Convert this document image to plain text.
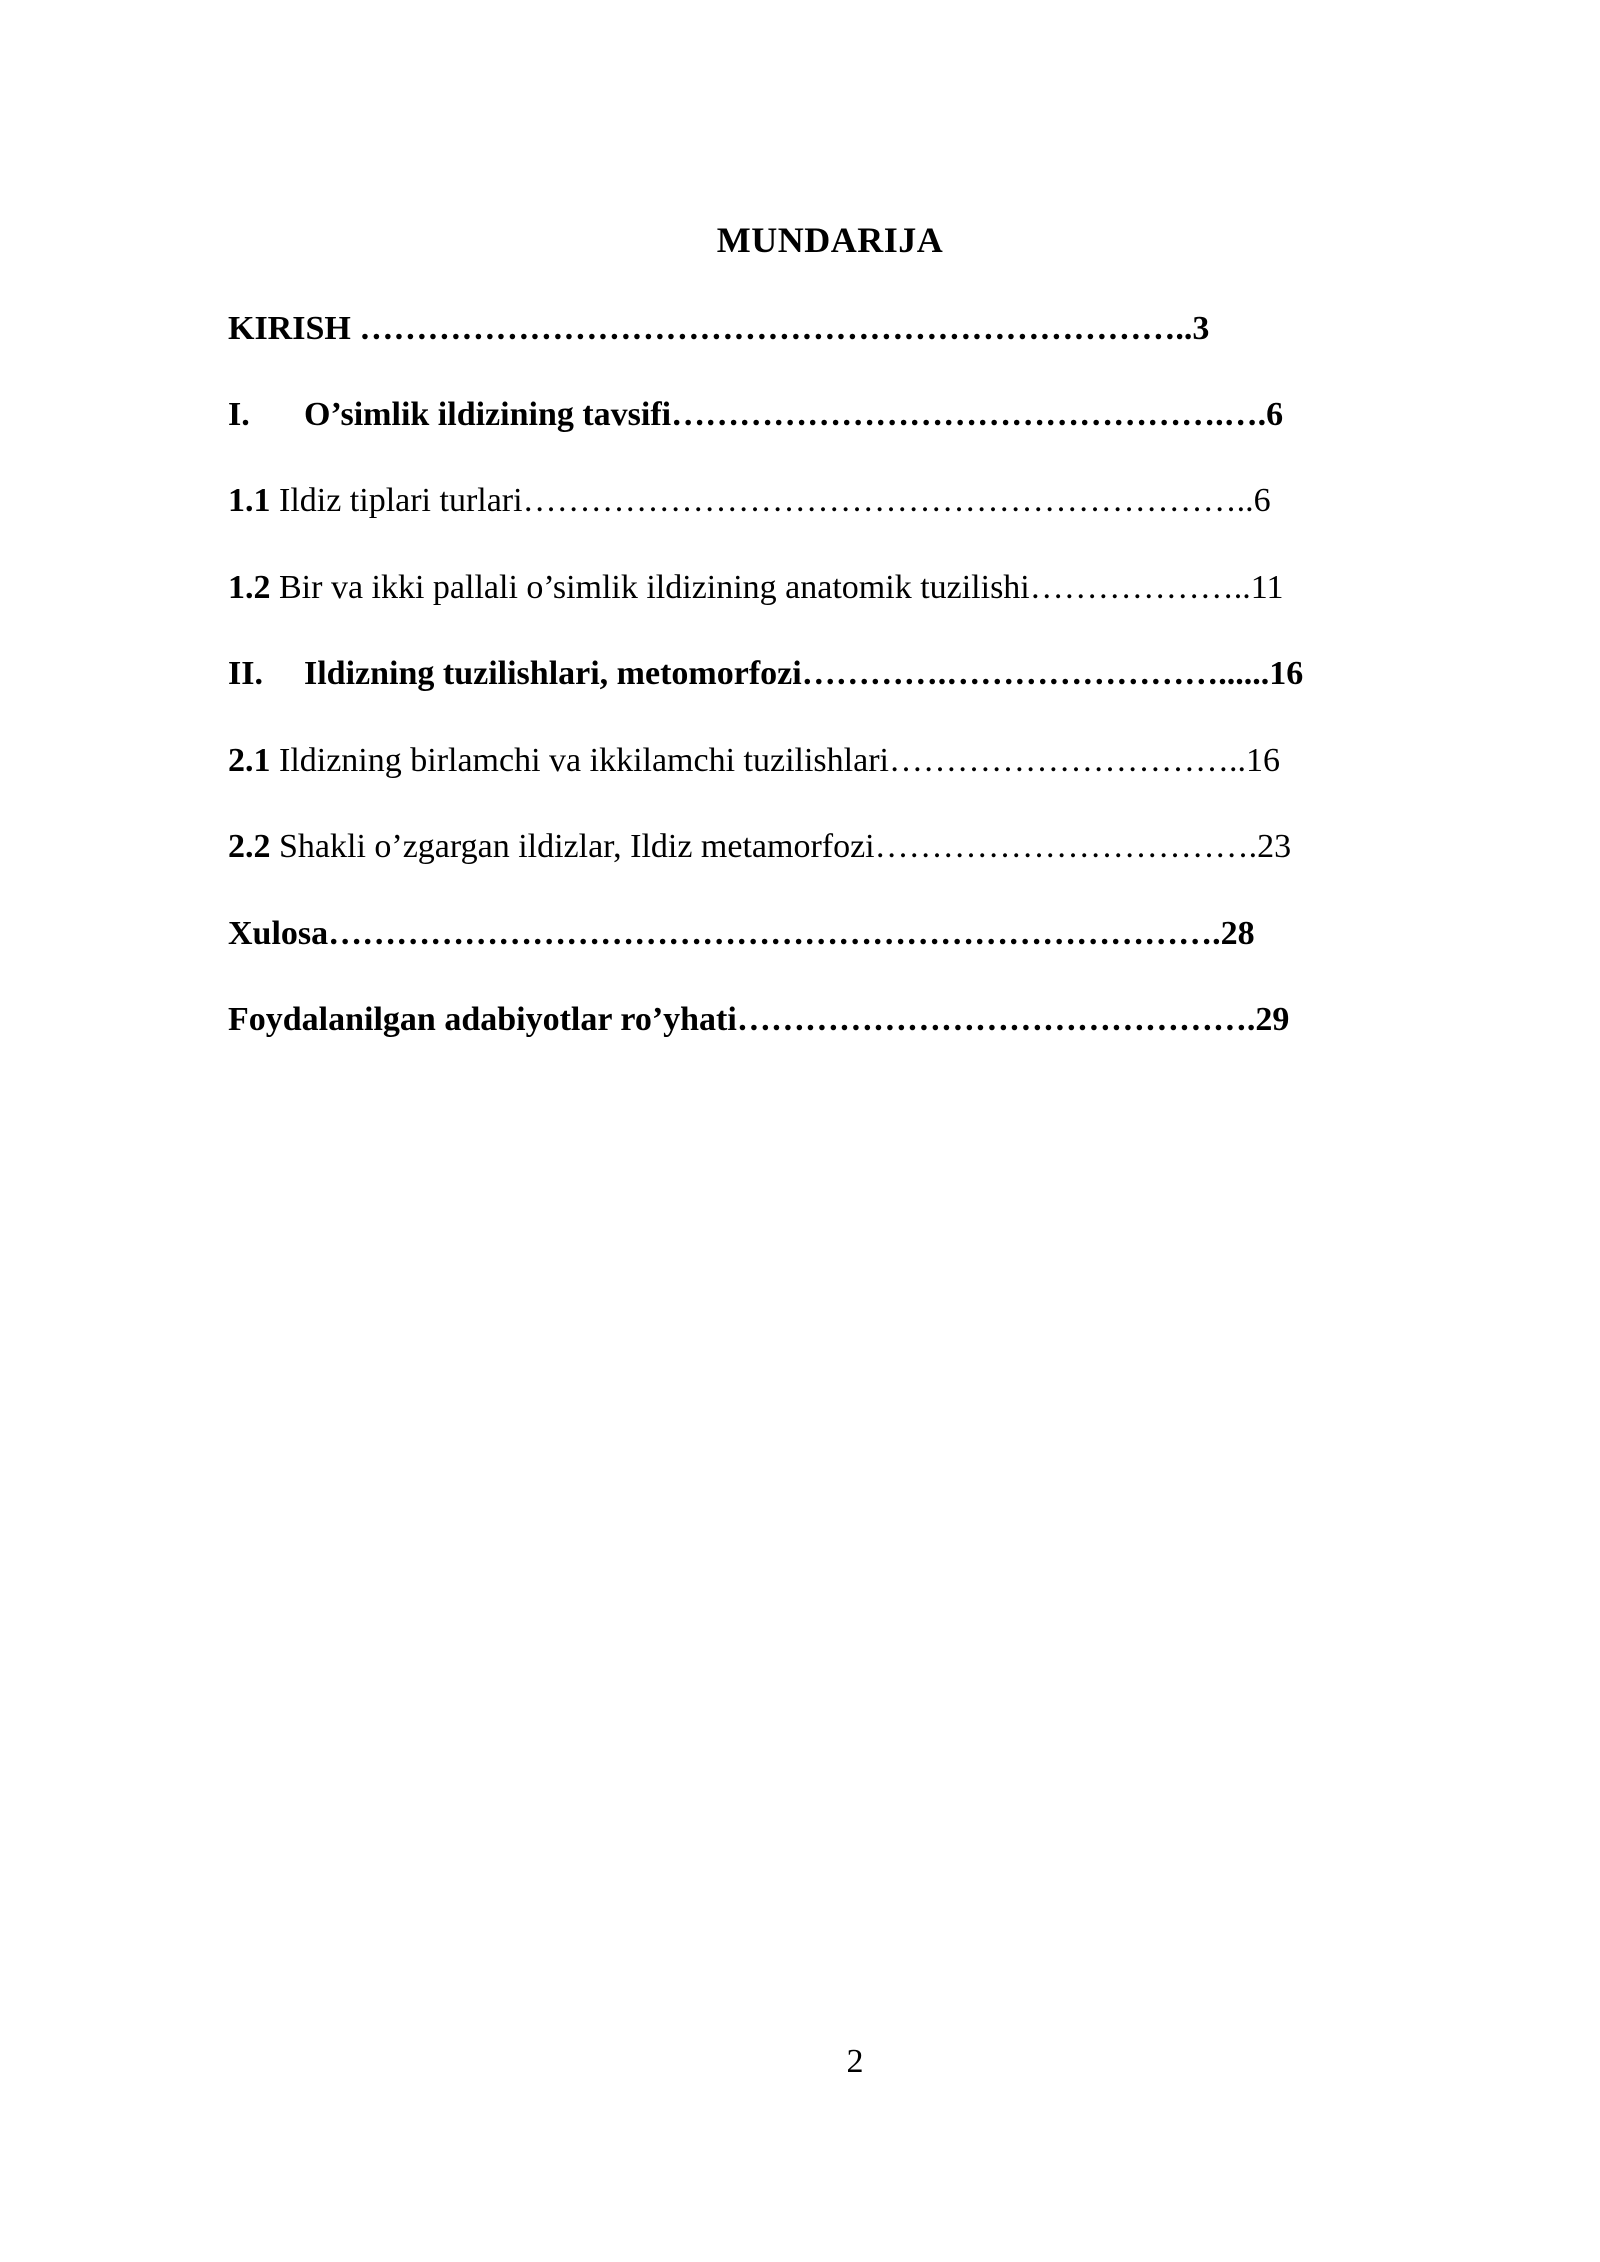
MUNDARIJA
KIRISH ………………………………………………………………..3
I. O’simlik ildizining tavsifi………………………………………….….6
1.1 Ildiz tiplari turlari………………………………………………………..6
1.2 Bir va ikki pallali o’simlik ildizining anatomik tuzilishi………………..11
II. Ildizning tuzilishlari, metomorfozi………….……………………......16
2.1 Ildizning birlamchi va ikkilamchi tuzilishlari…………………………..16
2.2 Shakli o’zgargan ildizlar, Ildiz metamorfozi…………………………….23
Xulosa…………………………………………………………………….28
Foydalanilgan adabiyotlar ro’yhati……………………………………….29
2
